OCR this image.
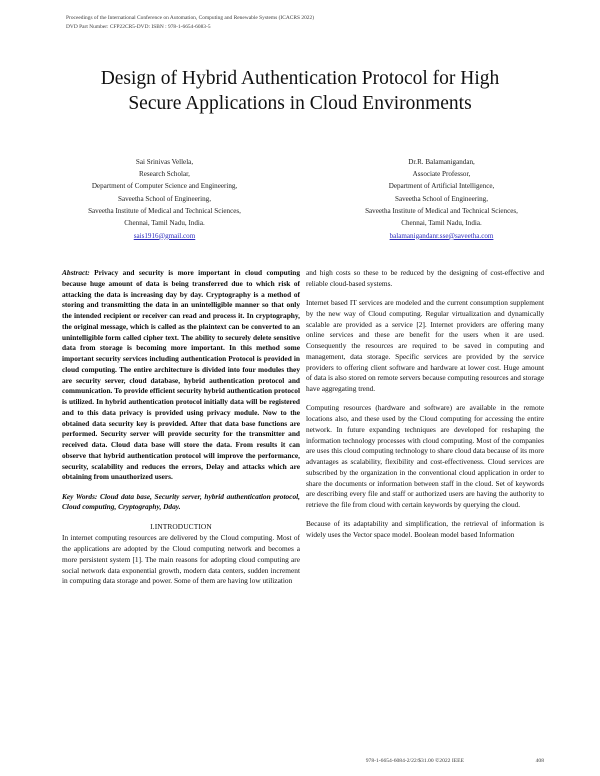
Proceedings of the International Conference on Automation, Computing and Renewable Systems (ICACRS 2022)
DVD Part Number: CFP22CR5-DVD: ISBN : 978-1-6654-6083-5
Design of Hybrid Authentication Protocol for High Secure Applications in Cloud Environments
Sai Srinivas Vellela,
Research Scholar,
Department of Computer Science and Engineering,
Saveetha School of Engineering,
Saveetha Institute of Medical and Technical Sciences,
Chennai, Tamil Nadu, India.
sais1916@gmail.com
Dr.R. Balamanigandan,
Associate Professor,
Department of Artificial Intelligence,
Saveetha School of Engineering,
Saveetha Institute of Medical and Technical Sciences,
Chennai, Tamil Nadu, India.
balamanigandanr.sse@saveetha.com

Abstract: Privacy and security is more important in cloud computing because huge amount of data is being transferred due to which risk of attacking the data is increasing day by day. Cryptography is a method of storing and transmitting the data in an unintelligible manner so that only the intended recipient or receiver can read and process it. In cryptography, the original message, which is called as the plaintext can be converted to an unintelligible form called cipher text. The ability to securely delete sensitive data from storage is becoming more important. In this method some important security services including authentication Protocol is provided in cloud computing. The entire architecture is divided into four modules they are security server, cloud database, hybrid authentication protocol and communication. To provide efficient security hybrid authentication protocol is utilized. In hybrid authentication protocol initially data will be registered and to this data privacy is provided using privacy module. Now to the obtained data security key is provided. After that data base functions are performed. Security server will provide security for the transmitter and received data. Cloud data base will store the data. From results it can observe that hybrid authentication protocol will improve the performance, security, scalability and reduces the errors, Delay and attacks which are obtaining from unauthorized users.

Key Words: Cloud data base, Security server, hybrid authentication protocol, Cloud computing, Cryptography, Dday.

I.INTRODUCTION

In internet computing resources are delivered by the Cloud computing. Most of the applications are adopted by the Cloud computing network and becomes a more persistent system [1]. The main reasons for adopting cloud computing are social network data exponential growth, modern data centers, sudden increment in computing data storage and power. Some of them are having low utilization

and high costs so these to be reduced by the designing of cost-effective and reliable cloud-based systems.

Internet based IT services are modeled and the current consumption supplement by the new way of Cloud computing. Regular virtualization and dynamically scalable are provided as a service [2]. Internet providers are offering many online services and these are benefit for the users when it are used. Consequently the resources are required to be saved in computing and management, data storage. Specific services are provided by the service providers to offering client software and hardware at lower cost. Huge amount of data is also stored on remote servers because computing resources and storage have aggregating trend.

Computing resources (hardware and software) are available in the remote locations also, and these used by the Cloud computing for accessing the entire network. In future expanding techniques are developed for reshaping the information technology processes with cloud computing. Most of the companies are uses this cloud computing technology to share cloud data because of its more advantages as scalability, flexibility and cost-effectiveness. Cloud services are subscribed by the organization in the conventional cloud application in order to share the documents or information between staff in the cloud. Set of keywords are describing every file and staff or authorized users are having the authority to retrieve the file from cloud with certain keywords by querying the cloud.

Because of its adaptability and simplification, the retrieval of information is widely uses the Vector space model. Boolean model based Information

978-1-6654-6084-2/22/$31.00 ©2022 IEEE	408
